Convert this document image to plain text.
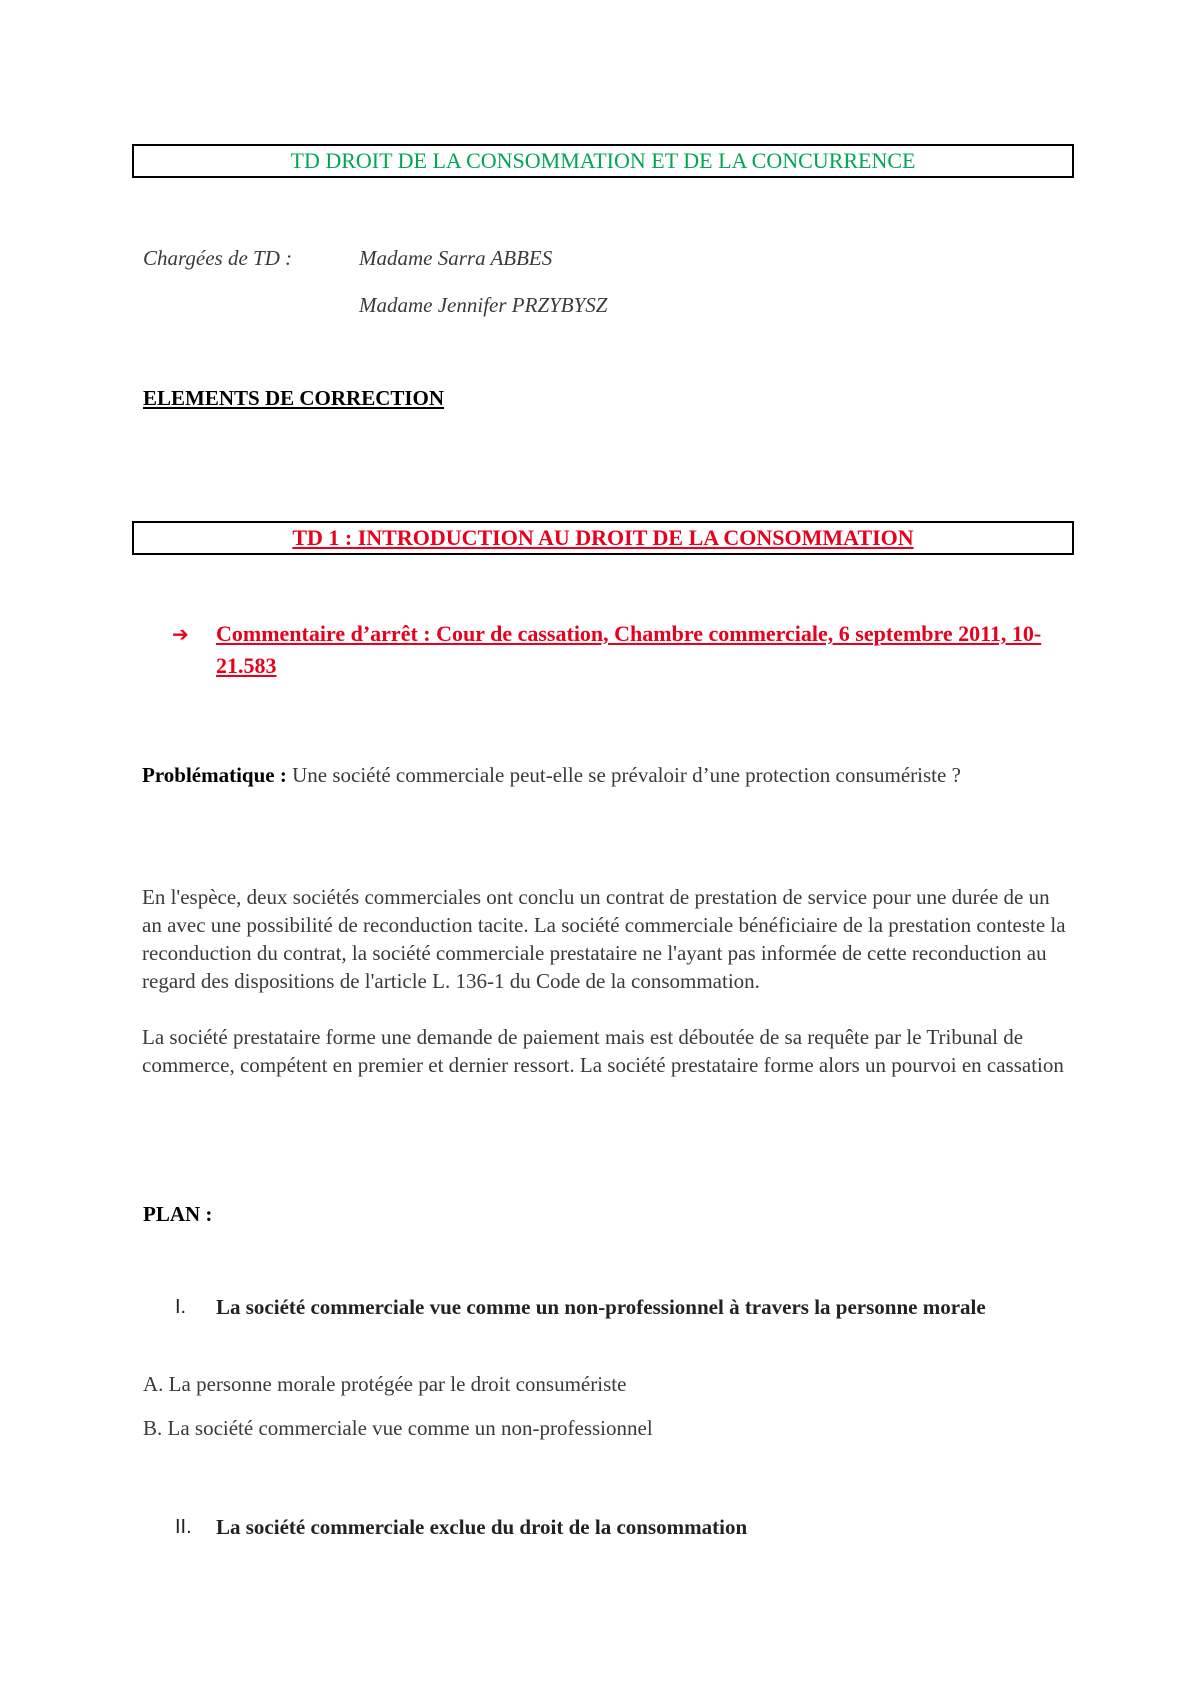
TD DROIT DE LA CONSOMMATION ET DE LA CONCURRENCE
Chargées de TD :	Madame Sarra ABBES
Madame Jennifer PRZYBYSZ
ELEMENTS DE CORRECTION
TD 1 : INTRODUCTION AU DROIT DE LA CONSOMMATION
➔ Commentaire d’arrêt : Cour de cassation, Chambre commerciale, 6 septembre 2011, 10-21.583
Problématique : Une société commerciale peut-elle se prévaloir d’une protection consumériste ?
En l'espèce, deux sociétés commerciales ont conclu un contrat de prestation de service pour une durée de un an avec une possibilité de reconduction tacite. La société commerciale bénéficiaire de la prestation conteste la reconduction du contrat, la société commerciale prestataire ne l'ayant pas informée de cette reconduction au regard des dispositions de l'article L. 136-1 du Code de la consommation.
La société prestataire forme une demande de paiement mais est déboutée de sa requête par le Tribunal de commerce, compétent en premier et dernier ressort. La société prestataire forme alors un pourvoi en cassation
PLAN :
I. La société commerciale vue comme un non-professionnel à travers la personne morale
A. La personne morale protégée par le droit consumériste
B. La société commerciale vue comme un non-professionnel
II. La société commerciale exclue du droit de la consommation
